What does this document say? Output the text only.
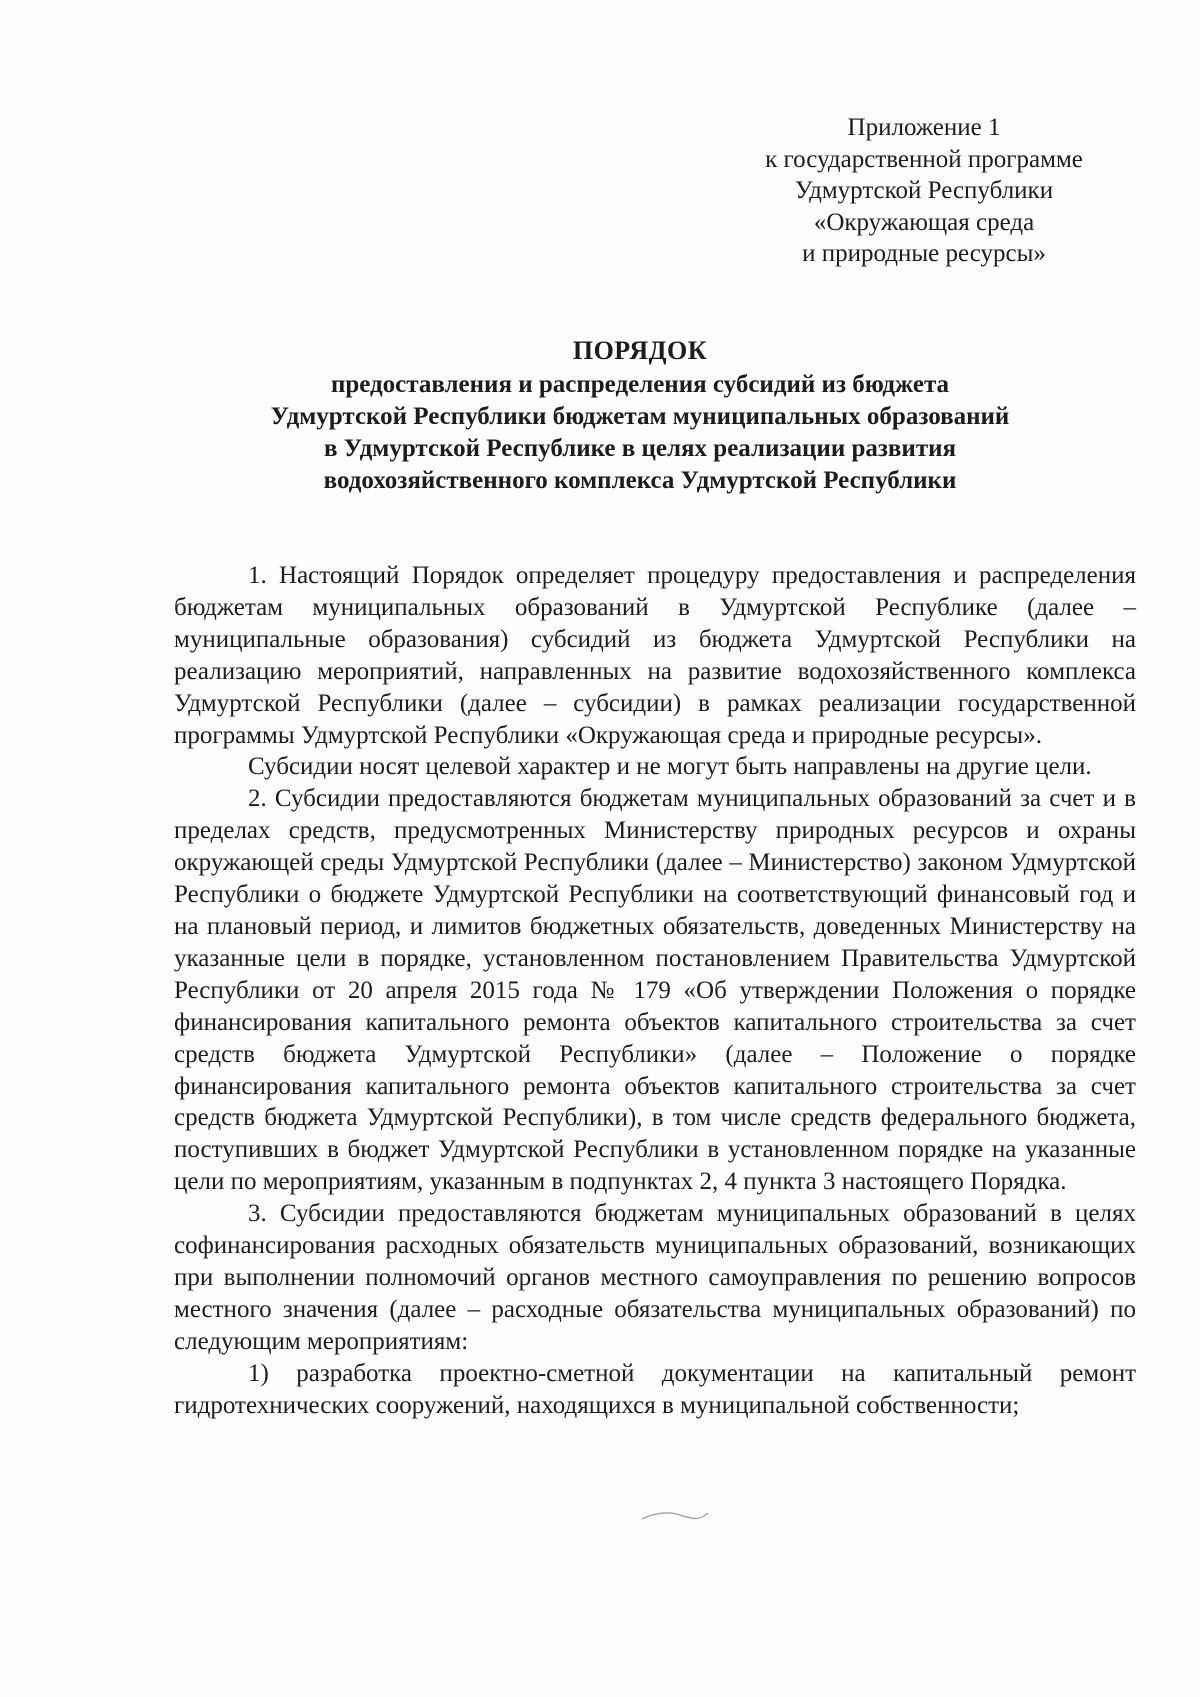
Приложение 1
к государственной программе
Удмуртской Республики
«Окружающая среда
и природные ресурсы»
ПОРЯДОК
предоставления и распределения субсидий из бюджета
Удмуртской Республики бюджетам муниципальных образований
в Удмуртской Республике в целях реализации развития
водохозяйственного комплекса Удмуртской Республики

1. Настоящий Порядок определяет процедуру предоставления и распределения бюджетам муниципальных образований в Удмуртской Республике (далее – муниципальные образования) субсидий из бюджета Удмуртской Республики на реализацию мероприятий, направленных на развитие водохозяйственного комплекса Удмуртской Республики (далее – субсидии) в рамках реализации государственной программы Удмуртской Республики «Окружающая среда и природные ресурсы».

Субсидии носят целевой характер и не могут быть направлены на другие цели.

2. Субсидии предоставляются бюджетам муниципальных образований за счет и в пределах средств, предусмотренных Министерству природных ресурсов и охраны окружающей среды Удмуртской Республики (далее – Министерство) законом Удмуртской Республики о бюджете Удмуртской Республики на соответствующий финансовый год и на плановый период, и лимитов бюджетных обязательств, доведенных Министерству на указанные цели в порядке, установленном постановлением Правительства Удмуртской Республики от 20 апреля 2015 года № 179 «Об утверждении Положения о порядке финансирования капитального ремонта объектов капитального строительства за счет средств бюджета Удмуртской Республики» (далее – Положение о порядке финансирования капитального ремонта объектов капитального строительства за счет средств бюджета Удмуртской Республики), в том числе средств федерального бюджета, поступивших в бюджет Удмуртской Республики в установленном порядке на указанные цели по мероприятиям, указанным в подпунктах 2, 4 пункта 3 настоящего Порядка.

3. Субсидии предоставляются бюджетам муниципальных образований в целях софинансирования расходных обязательств муниципальных образований, возникающих при выполнении полномочий органов местного самоуправления по решению вопросов местного значения (далее – расходные обязательства муниципальных образований) по следующим мероприятиям:

1) разработка проектно-сметной документации на капитальный ремонт гидротехнических сооружений, находящихся в муниципальной собственности;
